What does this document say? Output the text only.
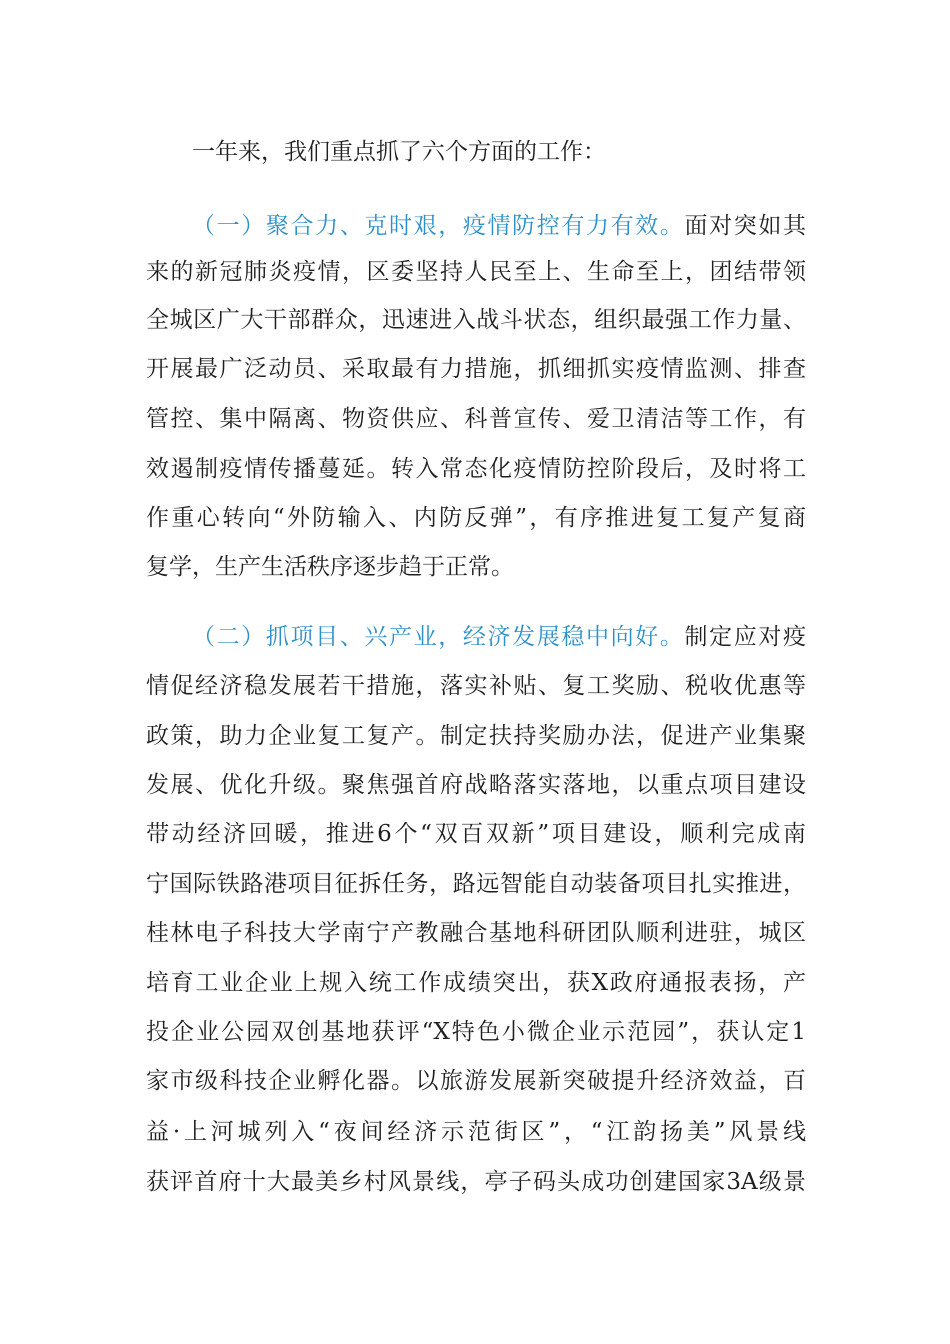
一年来，我们重点抓了六个方面的工作：
（一）聚合力、克时艰，疫情防控有力有效。面对突如其
来的新冠肺炎疫情，区委坚持人民至上、生命至上，团结带领
全城区广大干部群众，迅速进入战斗状态，组织最强工作力量、
开展最广泛动员、采取最有力措施，抓细抓实疫情监测、排查
管控、集中隔离、物资供应、科普宣传、爱卫清洁等工作，有
效遏制疫情传播蔓延。转入常态化疫情防控阶段后，及时将工
作重心转向“外防输入、内防反弹”，有序推进复工复产复商
复学，生产生活秩序逐步趋于正常。
（二）抓项目、兴产业，经济发展稳中向好。制定应对疫
情促经济稳发展若干措施，落实补贴、复工奖励、税收优惠等
政策，助力企业复工复产。制定扶持奖励办法，促进产业集聚
发展、优化升级。聚焦强首府战略落实落地，以重点项目建设
带动经济回暖，推进6个“双百双新”项目建设，顺利完成南
宁国际铁路港项目征拆任务，路远智能自动装备项目扎实推进，
桂林电子科技大学南宁产教融合基地科研团队顺利进驻，城区
培育工业企业上规入统工作成绩突出，获X政府通报表扬，产
投企业公园双创基地获评“X特色小微企业示范园”，获认定1
家市级科技企业孵化器。以旅游发展新突破提升经济效益，百
益·上河城列入“夜间经济示范街区”，“江韵扬美”风景线
获评首府十大最美乡村风景线，亭子码头成功创建国家3A级景
